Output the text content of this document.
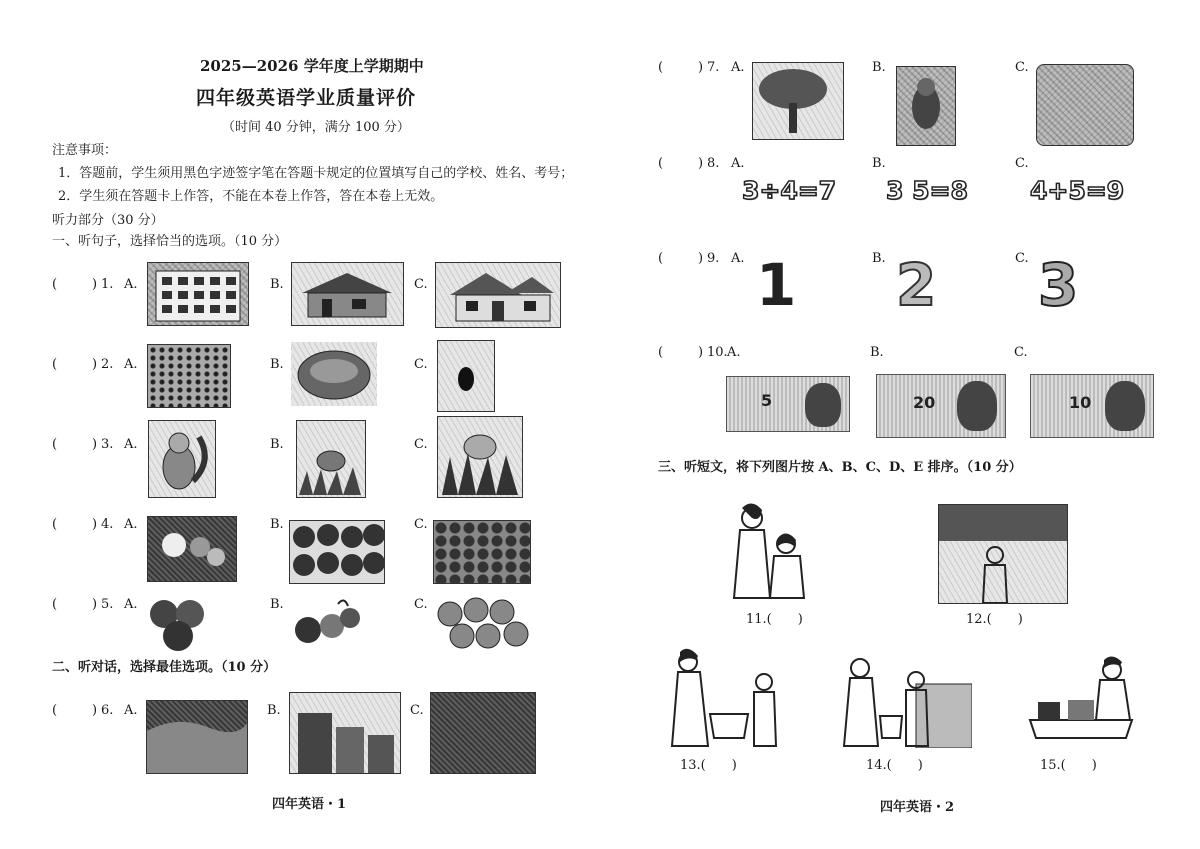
2025—2026 学年度上学期期中
四年级英语学业质量评价
（时间 40 分钟，满分 100 分）
注意事项：
1．答题前，学生须用黑色字迹签字笔在答题卡规定的位置填写自己的学校、姓名、考号；
2．学生须在答题卡上作答，不能在本卷上作答，答在本卷上无效。
听力部分（30 分）
一、听句子，选择恰当的选项。（10 分）
(	) 1. A.	B.	C.
(	) 2. A.	B.	C.
(	) 3. A.	B.	C.
(	) 4. A.	B.	C.
(	) 5. A.	B.	C.
二、听对话，选择最佳选项。（10 分）
(	) 6. A.	B.	C.
四年英语・1
(	) 7. A.	B.	C.
(	) 8. A.
3÷4=7
B.
3 5=8
C.
4+5=9
(	) 9. A. 1	B. 2	C. 3
(	) 10. A.
5
B.
20
C.
10
三、听短文，将下列图片按 A、B、C、D、E 排序。（10 分）
11.(　　)	12.(　　)
13.(　　)	14.(　　)	15.(　　)
四年英语・2
